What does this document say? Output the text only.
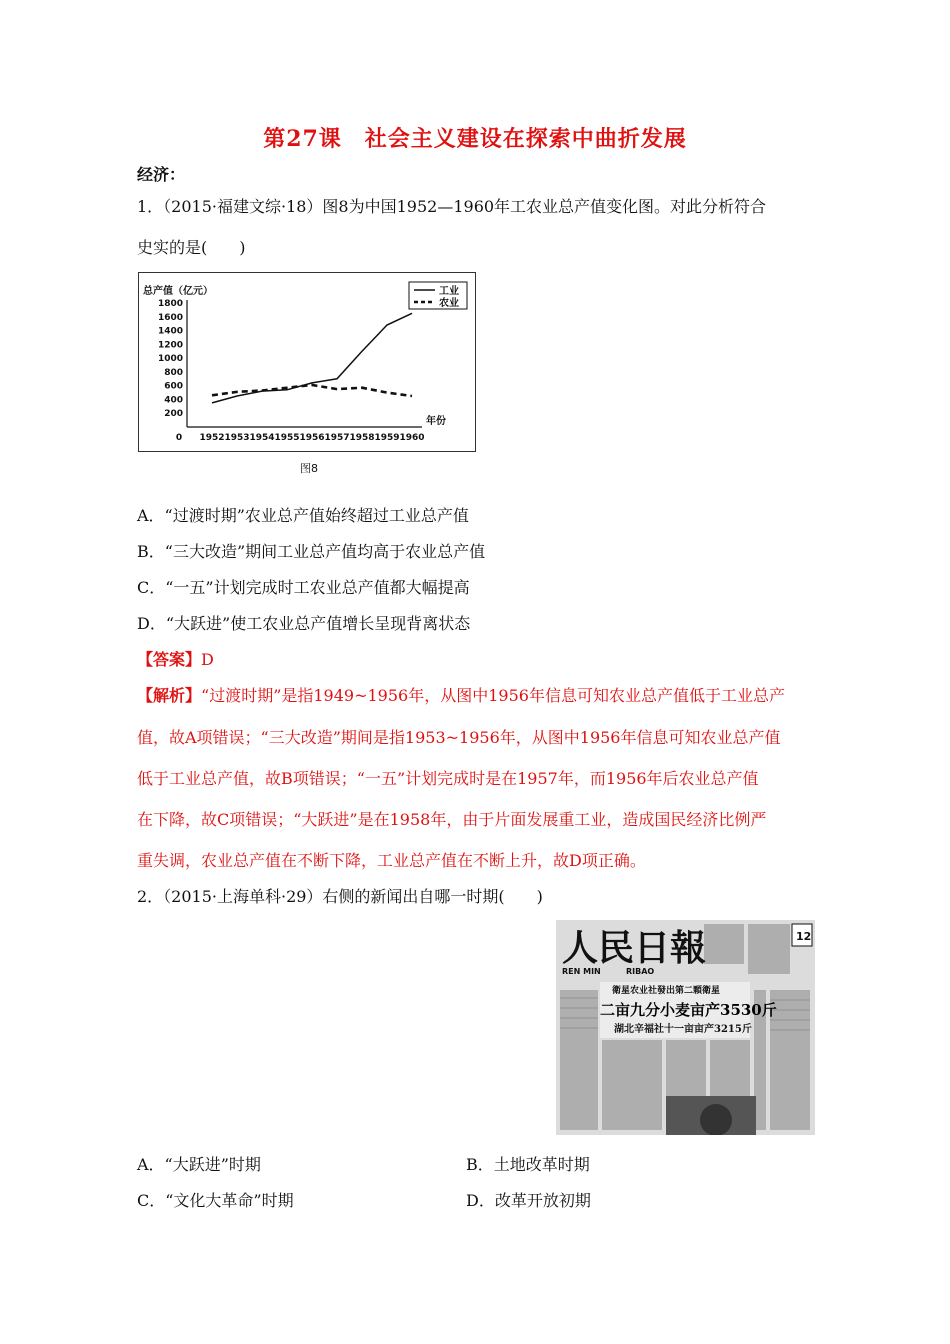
第27课　社会主义建设在探索中曲折发展
经济：
1．（2015·福建文综·18）图8为中国1952—1960年工农业总产值变化图。对此分析符合
史实的是(　　)
总产值（亿元）
200
400
600
800
1000
1200
1400
1600
1800
0 1952 1953 1954 1955 1956 1957 1958 1959 1960
年份
工业
农业
图8
A．“过渡时期”农业总产值始终超过工业总产值
B．“三大改造”期间工业总产值均高于农业总产值
C．“一五”计划完成时工农业总产值都大幅提高
D．“大跃进”使工农业总产值增长呈现背离状态
【答案】D
【解析】“过渡时期”是指1949~1956年，从图中1956年信息可知农业总产值低于工业总产
值，故A项错误；“三大改造”期间是指1953~1956年，从图中1956年信息可知农业总产值
低于工业总产值，故B项错误；“一五”计划完成时是在1957年，而1956年后农业总产值
在下降，故C项错误；“大跃进”是在1958年，由于片面发展重工业，造成国民经济比例严
重失调，农业总产值在不断下降，工业总产值在不断上升，故D项正确。
2．（2015·上海单科·29）右侧的新闻出自哪一时期(　　)
人民日報
REN MIN	RIBAO
12
衛星农业社發出第二顆衛星
二亩九分小麦亩产3530斤
湖北辛福社十一亩亩产3215斤
A．“大跃进”时期	B．土地改革时期
C．“文化大革命”时期	D．改革开放初期
